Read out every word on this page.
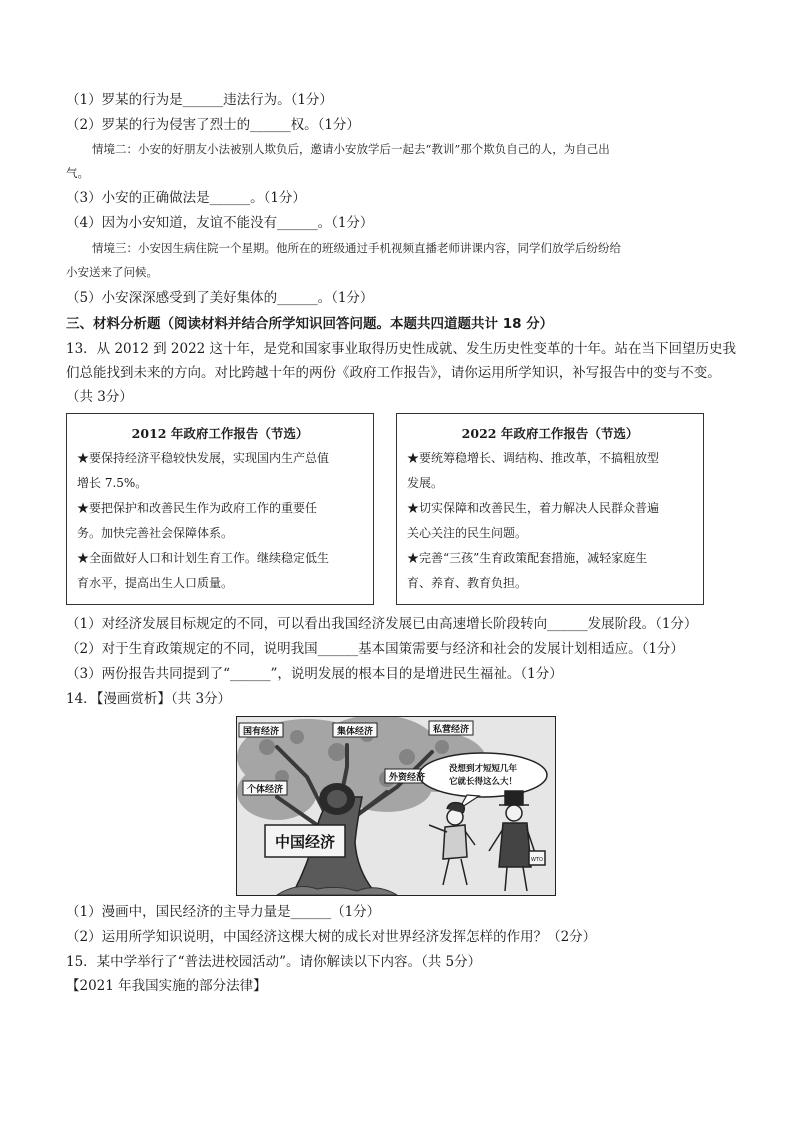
（1）罗某的行为是______违法行为。（1分）
（2）罗某的行为侵害了烈士的______权。（1分）
情境二：小安的好朋友小法被别人欺负后，邀请小安放学后一起去“教训”那个欺负自己的人，为自己出
气。
（3）小安的正确做法是______。（1分）
（4）因为小安知道，友谊不能没有______。（1分）
情境三：小安因生病住院一个星期。他所在的班级通过手机视频直播老师讲课内容，同学们放学后纷纷给
小安送来了问候。
（5）小安深深感受到了美好集体的______。（1分）
三、材料分析题（阅读材料并结合所学知识回答问题。本题共四道题共计 18 分）
13．从 2012 到 2022 这十年，是党和国家事业取得历史性成就、发生历史性变革的十年。站在当下回望历史我
们总能找到未来的方向。对比跨越十年的两份《政府工作报告》，请你运用所学知识，补写报告中的变与不变。
（共 3分）
2012 年政府工作报告（节选）
★要保持经济平稳较快发展，实现国内生产总值
增长 7.5%。
★要把保护和改善民生作为政府工作的重要任
务。加快完善社会保障体系。
★全面做好人口和计划生育工作。继续稳定低生
育水平，提高出生人口质量。
2022 年政府工作报告（节选）
★要统筹稳增长、调结构、推改革，不搞粗放型
发展。
★切实保障和改善民生，着力解决人民群众普遍
关心关注的民生问题。
★完善“三孩”生育政策配套措施，减轻家庭生
育、养育、教育负担。
（1）对经济发展目标规定的不同，可以看出我国经济发展已由高速增长阶段转向______发展阶段。（1分）
（2）对于生育政策规定的不同，说明我国______基本国策需要与经济和社会的发展计划相适应。（1分）
（3）两份报告共同提到了“______”，说明发展的根本目的是增进民生福祉。（1分）
14．【漫画赏析】（共 3分）
国有经济	集体经济	私营经济
个体经济
外资经济
中国经济
没想到才短短几年
它就长得这么大！
WTO
（1）漫画中，国民经济的主导力量是______（1分）
（2）运用所学知识说明，中国经济这棵大树的成长对世界经济发挥怎样的作用？（2分）
15．某中学举行了“普法进校园活动”。请你解读以下内容。（共 5分）
【2021 年我国实施的部分法律】
